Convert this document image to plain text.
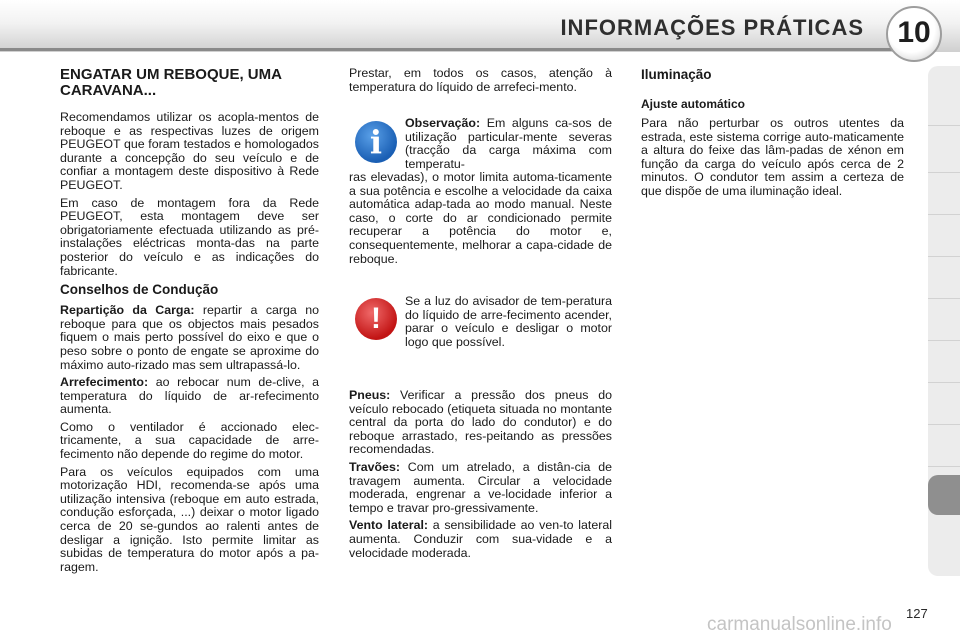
INFORMAÇÕES PRÁTICAS	10
ENGATAR UM REBOQUE, UMA CARAVANA...

Recomendamos utilizar os acopla-mentos de reboque e as respectivas luzes de origem PEUGEOT que foram testados e homologados durante a concepção do seu veículo e de confiar a montagem deste dispositivo à Rede PEUGEOT.

Em caso de montagem fora da Rede PEUGEOT, esta montagem deve ser obrigatoriamente efectuada utilizando as pré-instalações eléctricas monta-das na parte posterior do veículo e as indicações do fabricante.

Conselhos de Condução

Repartição da Carga: repartir a carga no reboque para que os objectos mais pesados fiquem o mais perto possível do eixo e que o peso sobre o ponto de engate se aproxime do máximo auto-rizado mas sem ultrapassá-lo.

Arrefecimento: ao rebocar num de-clive, a temperatura do líquido de ar-refecimento aumenta.

Como o ventilador é accionado elec-tricamente, a sua capacidade de arre-fecimento não depende do regime do motor.

Para os veículos equipados com uma motorização HDI, recomenda-se após uma utilização intensiva (reboque em auto estrada, condução esforçada, ...) deixar o motor ligado cerca de 20 se-gundos ao ralenti antes de desligar a ignição. Isto permite limitar as subidas de temperatura do motor após a pa-ragem.

Prestar, em todos os casos, atenção à temperatura do líquido de arrefeci-mento.

i	Observação: Em alguns ca-sos de utilização particular-mente severas (tracção da carga máxima com temperatu-
ras elevadas), o motor limita automa-ticamente a sua potência e escolhe a velocidade da caixa automática adap-tada ao modo manual. Neste caso, o corte do ar condicionado permite recuperar a potência do motor e, consequentemente, melhorar a capa-cidade de reboque.
!
Se a luz do avisador de tem-peratura do líquido de arre-fecimento acender, parar o veículo e desligar o motor logo que possível.

Pneus: Verificar a pressão dos pneus do veículo rebocado (etiqueta situada no montante central da porta do lado do condutor) e do reboque arrastado, res-peitando as pressões recomendadas.

Travões: Com um atrelado, a distân-cia de travagem aumenta. Circular a velocidade moderada, engrenar a ve-locidade inferior a tempo e travar pro-gressivamente.

Vento lateral: a sensibilidade ao ven-to lateral aumenta. Conduzir com sua-vidade e a velocidade moderada.

Iluminação
Ajuste automático

Para não perturbar os outros utentes da estrada, este sistema corrige auto-maticamente a altura do feixe das lâm-padas de xénon em função da carga do veículo após cerca de 2 minutos. O condutor tem assim a certeza de que dispõe de uma iluminação ideal.

carmanualsonline.info
127
